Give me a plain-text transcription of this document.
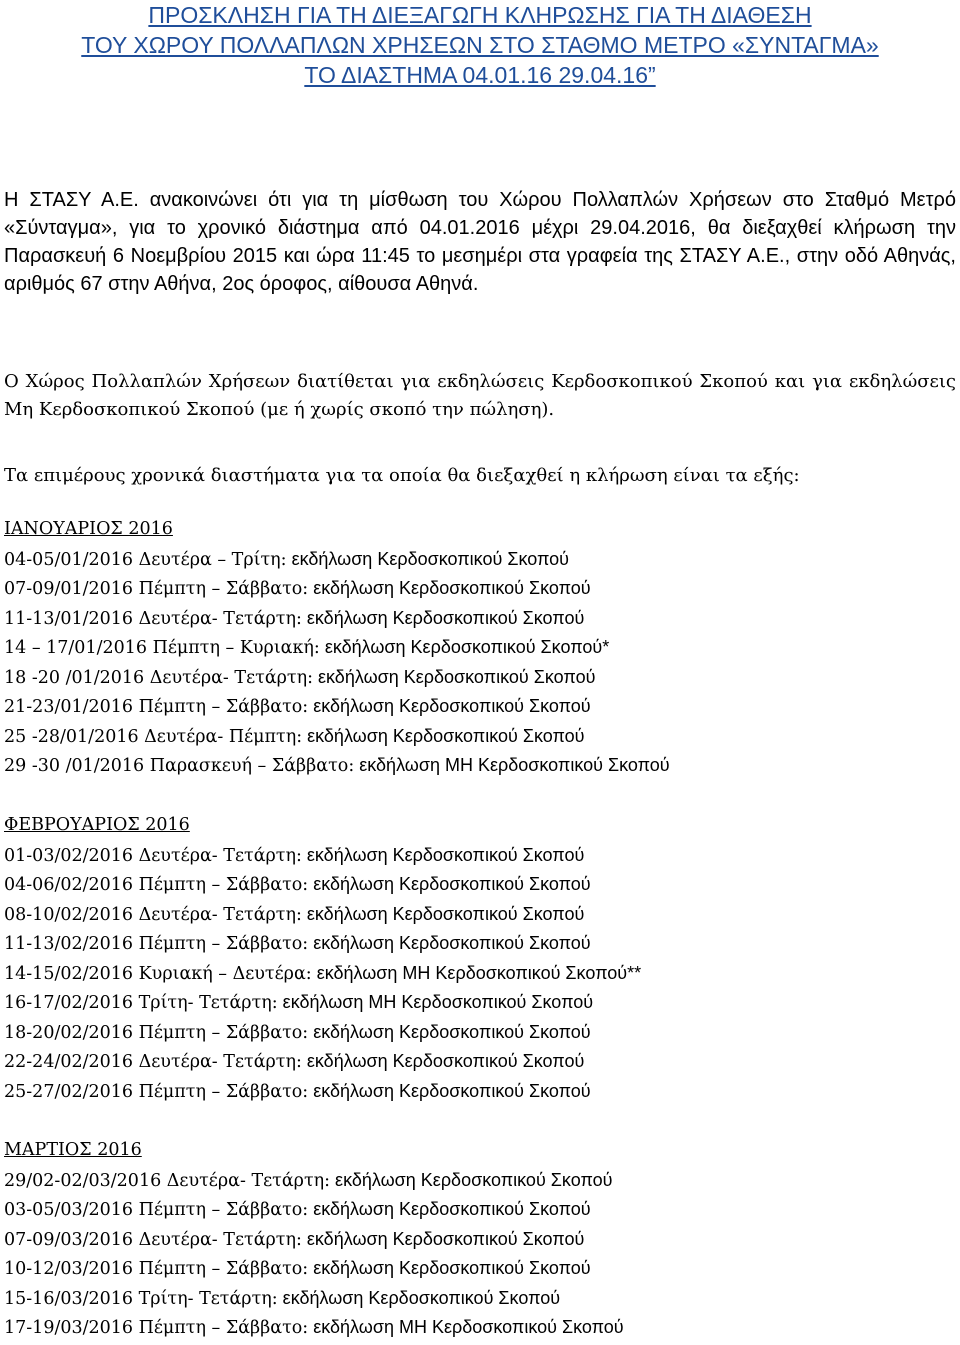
ΠΡΟΣΚΛΗΣΗ ΓΙΑ ΤΗ ΔΙΕΞΑΓΩΓΗ ΚΛΗΡΩΣΗΣ ΓΙΑ ΤΗ ΔΙΑΘΕΣΗ
ΤΟΥ ΧΩΡΟΥ ΠΟΛΛΑΠΛΩΝ ΧΡΗΣΕΩΝ ΣΤΟ ΣΤΑΘΜΟ ΜΕΤΡΟ «ΣΥΝΤΑΓΜΑ»
ΤΟ ΔΙΑΣΤΗΜΑ 04.01.16 29.04.16”

Η ΣΤΑΣΥ Α.Ε. ανακοινώνει ότι για τη μίσθωση του Χώρου Πολλαπλών Χρήσεων στο Σταθμό Μετρό «Σύνταγμα», για το χρονικό διάστημα από 04.01.2016 μέχρι 29.04.2016, θα διεξαχθεί κλήρωση την Παρασκευή 6 Νοεμβρίου 2015 και ώρα 11:45 το μεσημέρι στα γραφεία της ΣΤΑΣΥ Α.Ε., στην οδό Αθηνάς, αριθμός 67 στην Αθήνα, 2ος όροφος, αίθουσα Αθηνά.

Ο Χώρος Πολλαπλών Χρήσεων διατίθεται για εκδηλώσεις Κερδοσκοπικού Σκοπού και για εκδηλώσεις Μη Κερδοσκοπικού Σκοπού (με ή χωρίς σκοπό την πώληση).

Τα επιμέρους χρονικά διαστήματα για τα οποία θα διεξαχθεί η κλήρωση είναι τα εξής:

ΙΑΝΟΥΑΡΙΟΣ 2016
04-05/01/2016 Δευτέρα – Τρίτη: εκδήλωση Κερδοσκοπικού Σκοπού
07-09/01/2016 Πέμπτη – Σάββατο: εκδήλωση Κερδοσκοπικού Σκοπού
11-13/01/2016 Δευτέρα- Τετάρτη: εκδήλωση Κερδοσκοπικού Σκοπού
14 – 17/01/2016 Πέμπτη – Κυριακή: εκδήλωση Κερδοσκοπικού Σκοπού*
18 -20 /01/2016 Δευτέρα- Τετάρτη: εκδήλωση Κερδοσκοπικού Σκοπού
21-23/01/2016 Πέμπτη – Σάββατο: εκδήλωση Κερδοσκοπικού Σκοπού
25 -28/01/2016 Δευτέρα- Πέμπτη: εκδήλωση Κερδοσκοπικού Σκοπού
29 -30 /01/2016 Παρασκευή – Σάββατο: εκδήλωση ΜΗ Κερδοσκοπικού Σκοπού
ΦΕΒΡΟΥΑΡΙΟΣ 2016
01-03/02/2016 Δευτέρα- Τετάρτη: εκδήλωση Κερδοσκοπικού Σκοπού
04-06/02/2016 Πέμπτη – Σάββατο: εκδήλωση Κερδοσκοπικού Σκοπού
08-10/02/2016 Δευτέρα- Τετάρτη: εκδήλωση Κερδοσκοπικού Σκοπού
11-13/02/2016 Πέμπτη – Σάββατο: εκδήλωση Κερδοσκοπικού Σκοπού
14-15/02/2016 Κυριακή – Δευτέρα: εκδήλωση ΜΗ Κερδοσκοπικού Σκοπού**
16-17/02/2016 Τρίτη- Τετάρτη: εκδήλωση ΜΗ Κερδοσκοπικού Σκοπού
18-20/02/2016 Πέμπτη – Σάββατο: εκδήλωση Κερδοσκοπικού Σκοπού
22-24/02/2016 Δευτέρα- Τετάρτη: εκδήλωση Κερδοσκοπικού Σκοπού
25-27/02/2016 Πέμπτη – Σάββατο: εκδήλωση Κερδοσκοπικού Σκοπού
ΜΑΡΤΙΟΣ 2016
29/02-02/03/2016 Δευτέρα- Τετάρτη: εκδήλωση Κερδοσκοπικού Σκοπού
03-05/03/2016 Πέμπτη – Σάββατο: εκδήλωση Κερδοσκοπικού Σκοπού
07-09/03/2016 Δευτέρα- Τετάρτη: εκδήλωση Κερδοσκοπικού Σκοπού
10-12/03/2016 Πέμπτη – Σάββατο: εκδήλωση Κερδοσκοπικού Σκοπού
15-16/03/2016 Τρίτη- Τετάρτη: εκδήλωση Κερδοσκοπικού Σκοπού
17-19/03/2016 Πέμπτη – Σάββατο: εκδήλωση ΜΗ Κερδοσκοπικού Σκοπού
